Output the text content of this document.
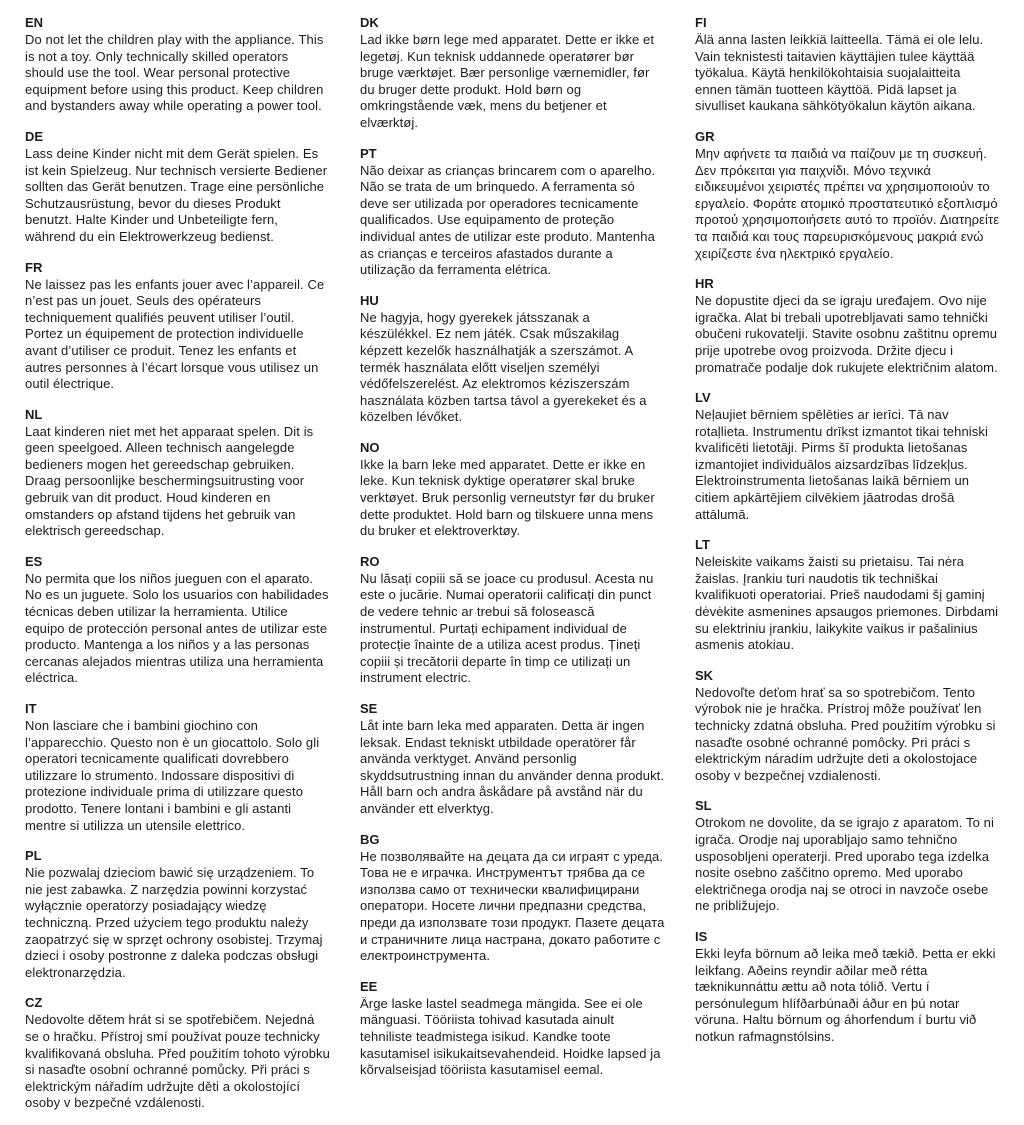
EN
Do not let the children play with the appliance. This is not a toy. Only technically skilled operators should use the tool. Wear personal protective equipment before using this product. Keep children and bystanders away while operating a power tool.
DE
Lass deine Kinder nicht mit dem Gerät spielen. Es ist kein Spielzeug. Nur technisch versierte Bediener sollten das Gerät benutzen. Trage eine persönliche Schutzausrüstung, bevor du dieses Produkt benutzt. Halte Kinder und Unbeteiligte fern, während du ein Elektrowerkzeug bedienst.
FR
Ne laissez pas les enfants jouer avec l’appareil. Ce n’est pas un jouet. Seuls des opérateurs techniquement qualifiés peuvent utiliser l’outil. Portez un équipement de protection individuelle avant d’utiliser ce produit. Tenez les enfants et autres personnes à l’écart lorsque vous utilisez un outil électrique.
NL
Laat kinderen niet met het apparaat spelen. Dit is geen speelgoed. Alleen technisch aangelegde bedieners mogen het gereedschap gebruiken. Draag persoonlijke beschermingsuitrusting voor gebruik van dit product. Houd kinderen en omstanders op afstand tijdens het gebruik van elektrisch gereedschap.
ES
No permita que los niños jueguen con el aparato. No es un juguete. Solo los usuarios con habilidades técnicas deben utilizar la herramienta. Utilice equipo de protección personal antes de utilizar este producto. Mantenga a los niños y a las personas cercanas alejados mientras utiliza una herramienta eléctrica.
IT
Non lasciare che i bambini giochino con l’apparecchio. Questo non è un giocattolo. Solo gli operatori tecnicamente qualificati dovrebbero utilizzare lo strumento. Indossare dispositivi di protezione individuale prima di utilizzare questo prodotto. Tenere lontani i bambini e gli astanti mentre si utilizza un utensile elettrico.
PL
Nie pozwalaj dzieciom bawić się urządzeniem. To nie jest zabawka. Z narzędzia powinni korzystać wyłącznie operatorzy posiadający wiedzę techniczną. Przed użyciem tego produktu należy zaopatrzyć się w sprzęt ochrony osobistej. Trzymaj dzieci i osoby postronne z daleka podczas obsługi elektronarzędzia.
CZ
Nedovolte dětem hrát si se spotřebičem. Nejedná se o hračku. Přístroj smí používat pouze technicky kvalifikovaná obsluha. Před použitím tohoto výrobku si nasaďte osobní ochranné pomůcky. Při práci s elektrickým nářadím udržujte děti a okolostojící osoby v bezpečné vzdálenosti.
DK
Lad ikke børn lege med apparatet. Dette er ikke et legetøj. Kun teknisk uddannede operatører bør bruge værktøjet. Bær personlige værnemidler, før du bruger dette produkt. Hold børn og omkringstående væk, mens du betjener et elværktøj.
PT
Não deixar as crianças brincarem com o aparelho. Não se trata de um brinquedo. A ferramenta só deve ser utilizada por operadores tecnicamente qualificados. Use equipamento de proteção individual antes de utilizar este produto. Mantenha as crianças e terceiros afastados durante a utilização da ferramenta elétrica.
HU
Ne hagyja, hogy gyerekek játsszanak a készülékkel. Ez nem játék. Csak műszakilag képzett kezelők használhatják a szerszámot. A termék használata előtt viseljen személyi védőfelszerelést. Az elektromos kéziszerszám használata közben tartsa távol a gyerekeket és a közelben lévőket.
NO
Ikke la barn leke med apparatet. Dette er ikke en leke. Kun teknisk dyktige operatører skal bruke verktøyet. Bruk personlig verneutstyr før du bruker dette produktet. Hold barn og tilskuere unna mens du bruker et elektroverktøy.
RO
Nu lăsați copiii să se joace cu produsul. Acesta nu este o jucărie. Numai operatorii calificați din punct de vedere tehnic ar trebui să folosească instrumentul. Purtați echipament individual de protecție înainte de a utiliza acest produs. Țineți copiii și trecătorii departe în timp ce utilizați un instrument electric.
SE
Låt inte barn leka med apparaten. Detta är ingen leksak. Endast tekniskt utbildade operatörer får använda verktyget. Använd personlig skyddsutrustning innan du använder denna produkt. Håll barn och andra åskådare på avstånd när du använder ett elverktyg.
BG
Не позволявайте на децата да си играят с уреда. Това не е играчка. Инструментът трябва да се използва само от технически квалифицирани оператори. Носете лични предпазни средства, преди да използвате този продукт. Пазете децата и страничните лица настрана, докато работите с електроинструмента.
EE
Ärge laske lastel seadmega mängida. See ei ole mänguasi. Tööriista tohivad kasutada ainult tehniliste teadmistega isikud. Kandke toote kasutamisel isikukaitsevahendeid. Hoidke lapsed ja kõrvalseisjad tööriista kasutamisel eemal.
FI
Älä anna lasten leikkiä laitteella. Tämä ei ole lelu. Vain teknistesti taitavien käyttäjien tulee käyttää työkalua. Käytä henkilökohtaisia suojalaitteita ennen tämän tuotteen käyttöä. Pidä lapset ja sivulliset kaukana sähkötyökalun käytön aikana.
GR
Μην αφήνετε τα παιδιά να παίζουν με τη συσκευή. Δεν πρόκειται για παιχνίδι. Μόνο τεχνικά ειδικευμένοι χειριστές πρέπει να χρησιμοποιούν το εργαλείο. Φοράτε ατομικό προστατευτικό εξοπλισμό προτού χρησιμοποιήσετε αυτό το προϊόν. Διατηρείτε τα παιδιά και τους παρευρισκόμενους μακριά ενώ χειρίζεστε ένα ηλεκτρικό εργαλείο.
HR
Ne dopustite djeci da se igraju uređajem. Ovo nije igračka. Alat bi trebali upotrebljavati samo tehnički obučeni rukovatelji. Stavite osobnu zaštitnu opremu prije upotrebe ovog proizvoda. Držite djecu i promatrače podalje dok rukujete električnim alatom.
LV
Neļaujiet bērniem spēlēties ar ierīci. Tā nav rotaļlieta. Instrumentu drīkst izmantot tikai tehniski kvalificēti lietotāji. Pirms šī produkta lietošanas izmantojiet individuālos aizsardzības līdzekļus. Elektroinstrumenta lietošanas laikā bērniem un citiem apkārtējiem cilvēkiem jāatrodas drošā attālumā.
LT
Neleiskite vaikams žaisti su prietaisu. Tai nėra žaislas. Įrankiu turi naudotis tik techniškai kvalifikuoti operatoriai. Prieš naudodami šį gaminį dėvėkite asmenines apsaugos priemones. Dirbdami su elektriniu įrankiu, laikykite vaikus ir pašalinius asmenis atokiau.
SK
Nedovoľte deťom hrať sa so spotrebičom. Tento výrobok nie je hračka. Prístroj môže používať len technicky zdatná obsluha. Pred použitím výrobku si nasaďte osobné ochranné pomôcky. Pri práci s elektrickým náradím udržujte deti a okolostojace osoby v bezpečnej vzdialenosti.
SL
Otrokom ne dovolite, da se igrajo z aparatom. To ni igrača. Orodje naj uporabljajo samo tehnično usposobljeni operaterji. Pred uporabo tega izdelka nosite osebno zaščitno opremo. Med uporabo električnega orodja naj se otroci in navzoče osebe ne približujejo.
IS
Ekki leyfa börnum að leika með tækið. Þetta er ekki leikfang. Aðeins reyndir aðilar með rétta tæknikunnáttu ættu að nota tólið. Vertu í persónulegum hlífðarbúnaði áður en þú notar vöruna. Haltu börnum og áhorfendum í burtu við notkun rafmagnstólsins.
